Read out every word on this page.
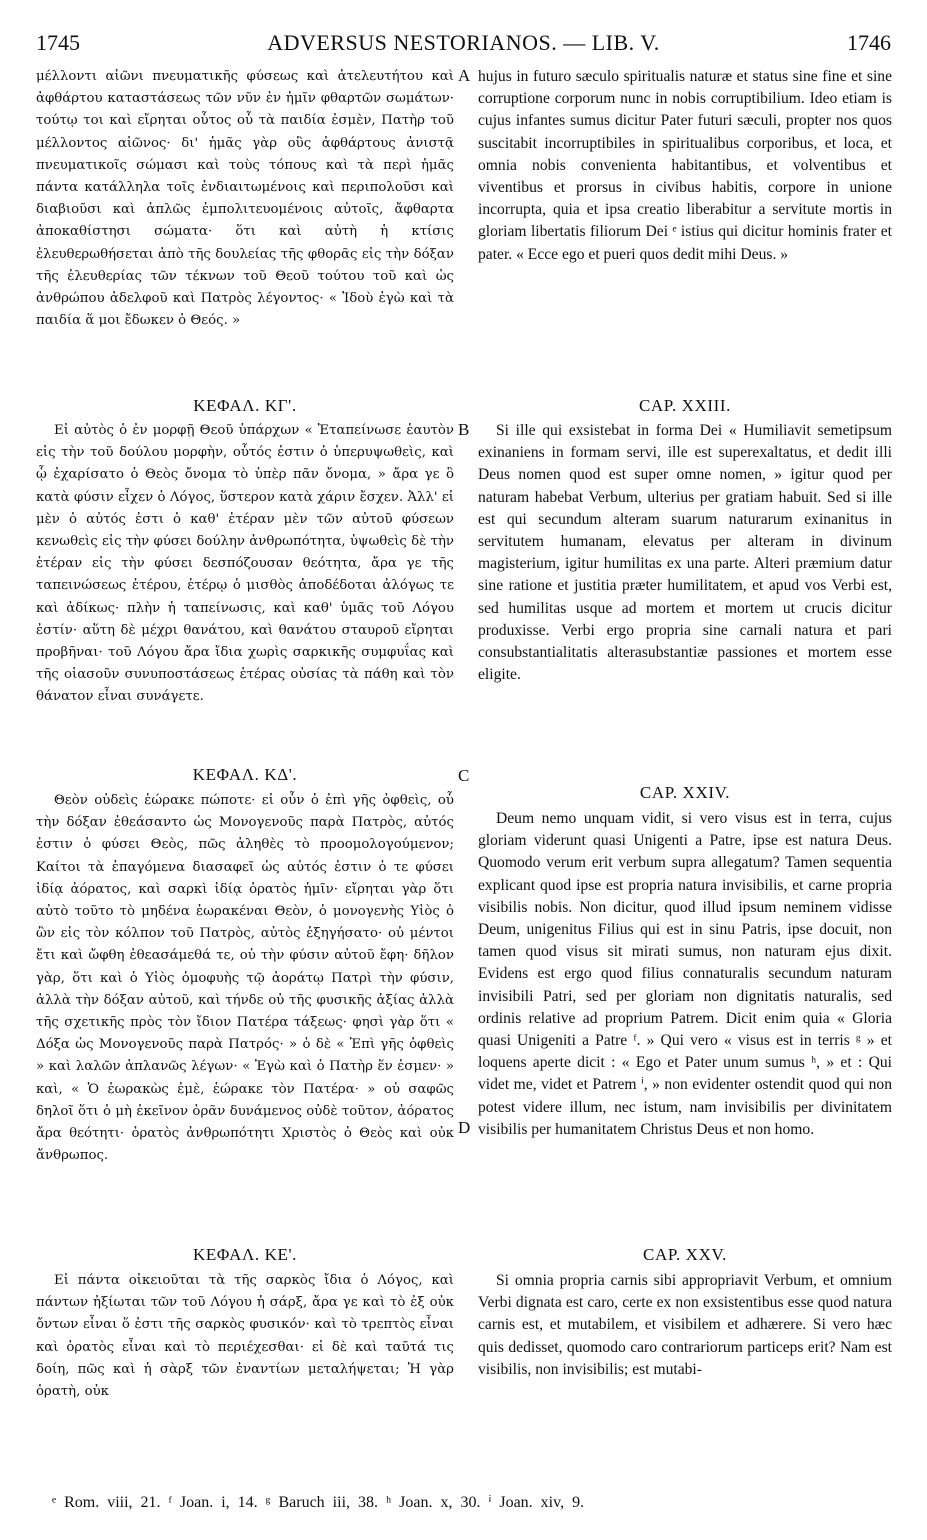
1745	ADVERSUS NESTORIANOS. — LIB. V.	1746
A
B
C
D

μέλλοντι αἰῶνι πνευματικῆς φύσεως καὶ ἀτελευτήτου καὶ ἀφθάρτου καταστάσεως τῶν νῦν ἐν ἡμῖν φθαρτῶν σωμάτων· τούτῳ τοι καὶ εἴρηται οὗτος οὗ τὰ παιδία ἐσμὲν, Πατὴρ τοῦ μέλλοντος αἰῶνος· δι' ἡμᾶς γὰρ οὓς ἀφθάρτους ἀνιστᾷ πνευματικοῖς σώμασι καὶ τοὺς τόπους καὶ τὰ περὶ ἡμᾶς πάντα κατάλληλα τοῖς ἐνδιαιτωμένοις καὶ περιπολοῦσι καὶ διαβιοῦσι καὶ ἁπλῶς ἐμπολιτευομένοις αὐτοῖς, ἄφθαρτα ἀποκαθίστησι σώματα· ὅτι καὶ αὐτὴ ἡ κτίσις ἐλευθερωθήσεται ἀπὸ τῆς δουλείας τῆς φθορᾶς εἰς τὴν δόξαν τῆς ἐλευθερίας τῶν τέκνων τοῦ Θεοῦ τούτου τοῦ καὶ ὡς ἀνθρώπου ἀδελφοῦ καὶ Πατρὸς λέγοντος· « Ἰδοὺ ἐγὼ καὶ τὰ παιδία ἅ μοι ἔδωκεν ὁ Θεός. »

ΚΕΦΑΛ. ΚΓ'.

Εἰ αὐτὸς ὁ ἐν μορφῇ Θεοῦ ὑπάρχων « Ἐταπείνωσε ἑαυτὸν εἰς τὴν τοῦ δούλου μορφὴν, οὗτός ἐστιν ὁ ὑπερυψωθεὶς, καὶ ᾧ ἐχαρίσατο ὁ Θεὸς ὄνομα τὸ ὑπὲρ πᾶν ὄνομα, » ἄρα γε ὃ κατὰ φύσιν εἶχεν ὁ Λόγος, ὕστερον κατὰ χάριν ἔσχεν. Ἀλλ' εἰ μὲν ὁ αὐτός ἐστι ὁ καθ' ἑτέραν μὲν τῶν αὐτοῦ φύσεων κενωθεὶς εἰς τὴν φύσει δούλην ἀνθρωπότητα, ὑψωθεὶς δὲ τὴν ἑτέραν εἰς τὴν φύσει δεσπόζουσαν θεότητα, ἄρα γε τῆς ταπεινώσεως ἑτέρου, ἑτέρῳ ὁ μισθὸς ἀποδέδοται ἀλόγως τε καὶ ἀδίκως· πλὴν ἡ ταπείνωσις, καὶ καθ' ὑμᾶς τοῦ Λόγου ἐστίν· αὕτη δὲ μέχρι θανάτου, καὶ θανάτου σταυροῦ εἴρηται προβῆναι· τοῦ Λόγου ἄρα ἴδια χωρὶς σαρκικῆς συμφυΐας καὶ τῆς οἱασοῦν συνυποστάσεως ἑτέρας οὐσίας τὰ πάθη καὶ τὸν θάνατον εἶναι συνάγετε.

ΚΕΦΑΛ. ΚΔ'.

Θεὸν οὐδεὶς ἑώρακε πώποτε· εἰ οὖν ὁ ἐπὶ γῆς ὀφθεὶς, οὗ τὴν δόξαν ἐθεάσαντο ὡς Μονογενοῦς παρὰ Πατρὸς, αὐτός ἐστιν ὁ φύσει Θεὸς, πῶς ἀληθὲς τὸ προομολογούμενον; Καίτοι τὰ ἐπαγόμενα διασαφεῖ ὡς αὐτός ἐστιν ὁ τε φύσει ἰδίᾳ ἀόρατος, καὶ σαρκὶ ἰδίᾳ ὁρατὸς ἡμῖν· εἴρηται γὰρ ὅτι αὐτὸ τοῦτο τὸ μηδένα ἑωρακέναι Θεὸν, ὁ μονογενὴς Υἱὸς ὁ ὢν εἰς τὸν κόλπον τοῦ Πατρὸς, αὐτὸς ἐξηγήσατο· οὐ μέντοι ἔτι καὶ ὤφθη ἐθεασάμεθά τε, οὐ τὴν φύσιν αὐτοῦ ἔφη· δῆλον γὰρ, ὅτι καὶ ὁ Υἱὸς ὁμοφυὴς τῷ ἀοράτῳ Πατρὶ τὴν φύσιν, ἀλλὰ τὴν δόξαν αὐτοῦ, καὶ τήνδε οὐ τῆς φυσικῆς ἀξίας ἀλλὰ τῆς σχετικῆς πρὸς τὸν ἴδιον Πατέρα τάξεως· φησὶ γὰρ ὅτι « Δόξα ὡς Μονογενοῦς παρὰ Πατρός· » ὁ δὲ « Ἐπὶ γῆς ὀφθεὶς » καὶ λαλῶν ἁπλανῶς λέγων· « Ἐγὼ καὶ ὁ Πατὴρ ἕν ἐσμεν· » καὶ, « Ὁ ἑωρακὼς ἐμὲ, ἑώρακε τὸν Πατέρα· » οὐ σαφῶς δηλοῖ ὅτι ὁ μὴ ἐκεῖνον ὁρᾶν δυνάμενος οὐδὲ τοῦτον, ἀόρατος ἄρα θεότητι· ὁρατὸς ἀνθρωπότητι Χριστὸς ὁ Θεὸς καὶ οὐκ ἄνθρωπος.

ΚΕΦΑΛ. ΚΕ'.

Εἰ πάντα οἰκειοῦται τὰ τῆς σαρκὸς ἴδια ὁ Λόγος, καὶ πάντων ἠξίωται τῶν τοῦ Λόγου ἡ σάρξ, ἄρα γε καὶ τὸ ἐξ οὐκ ὄντων εἶναι ὅ ἐστι τῆς σαρκὸς φυσικόν· καὶ τὸ τρεπτὸς εἶναι καὶ ὁρατὸς εἶναι καὶ τὸ περιέχεσθαι· εἰ δὲ καὶ ταῦτά τις δοίη, πῶς καὶ ἡ σὰρξ τῶν ἐναντίων μεταλήψεται; Ἡ γὰρ ὁρατὴ, οὐκ

hujus in futuro sæculo spiritualis naturæ et status sine fine et sine corruptione corporum nunc in nobis corruptibilium. Ideo etiam is cujus infantes sumus dicitur Pater futuri sæculi, propter nos quos suscitabit incorruptibiles in spiritualibus corporibus, et loca, et omnia nobis convenienta habitantibus, et volventibus et viventibus et prorsus in civibus habitis, corpore in unione incorrupta, quia et ipsa creatio liberabitur a servitute mortis in gloriam libertatis filiorum Dei ᵉ istius qui dicitur hominis frater et pater. « Ecce ego et pueri quos dedit mihi Deus. »

CAP. XXIII.

Si ille qui exsistebat in forma Dei « Humiliavit semetipsum exinaniens in formam servi, ille est superexaltatus, et dedit illi Deus nomen quod est super omne nomen, » igitur quod per naturam habebat Verbum, ulterius per gratiam habuit. Sed si ille est qui secundum alteram suarum naturarum exinanitus in servitutem humanam, elevatus per alteram in divinum magisterium, igitur humilitas ex una parte. Alteri præmium datur sine ratione et justitia præter humilitatem, et apud vos Verbi est, sed humilitas usque ad mortem et mortem ut crucis dicitur produxisse. Verbi ergo propria sine carnali natura et pari consubstantialitatis alterasubstantiæ passiones et mortem esse eligite.

CAP. XXIV.

Deum nemo unquam vidit, si vero visus est in terra, cujus gloriam viderunt quasi Unigenti a Patre, ipse est natura Deus. Quomodo verum erit verbum supra allegatum? Tamen sequentia explicant quod ipse est propria natura invisibilis, et carne propria visibilis nobis. Non dicitur, quod illud ipsum neminem vidisse Deum, unigenitus Filius qui est in sinu Patris, ipse docuit, non tamen quod visus sit mirati sumus, non naturam ejus dixit. Evidens est ergo quod filius connaturalis secundum naturam invisibili Patri, sed per gloriam non dignitatis naturalis, sed ordinis relative ad proprium Patrem. Dicit enim quia « Gloria quasi Unigeniti a Patre ᶠ. » Qui vero « visus est in terris ᵍ » et loquens aperte dicit : « Ego et Pater unum sumus ʰ, » et : Qui videt me, videt et Patrem ⁱ, » non evidenter ostendit quod qui non potest videre illum, nec istum, nam invisibilis per divinitatem visibilis per humanitatem Christus Deus et non homo.

CAP. XXV.

Si omnia propria carnis sibi appropriavit Verbum, et omnium Verbi dignata est caro, certe ex non exsistentibus esse quod natura carnis est, et mutabilem, et visibilem et adhærere. Si vero hæc quis dedisset, quomodo caro contrariorum particeps erit? Nam est visibilis, non invisibilis; est mutabi-

ᵉ Rom. viii, 21. ᶠ Joan. i, 14. ᵍ Baruch iii, 38. ʰ Joan. x, 30. ⁱ Joan. xiv, 9.
